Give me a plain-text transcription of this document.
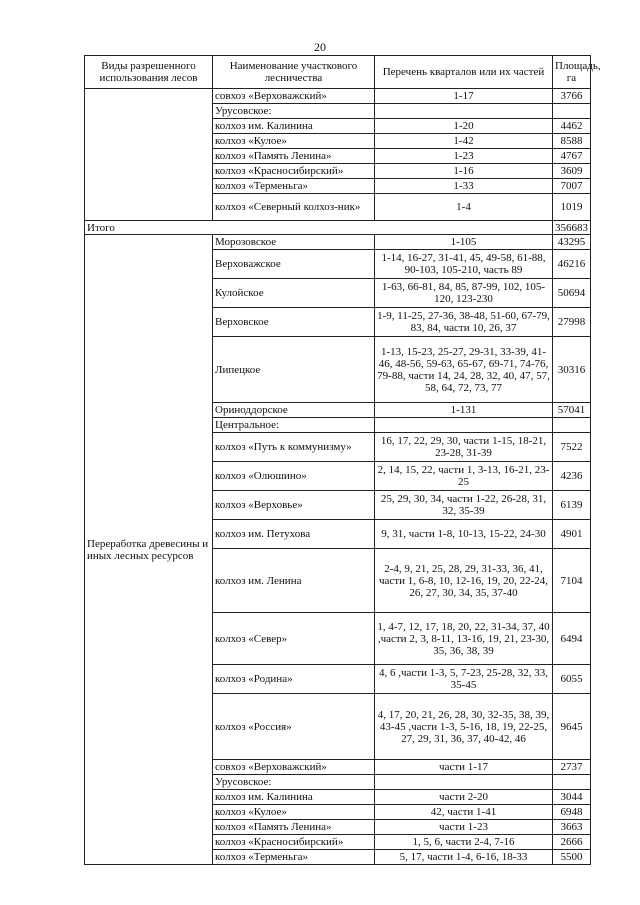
20
Виды разрешенного использования лесов	Наименование участкового лесничества	Перечень кварталов или их частей	Площадь, га
	совхоз «Верховажский»	1-17	3766
	Урусовское:		
	колхоз им. Калинина	1-20	4462
	колхоз «Кулое»	1-42	8588
	колхоз «Память Ленина»	1-23	4767
	колхоз «Красносибирский»	1-16	3609
	колхоз «Терменьга»	1-33	7007
	колхоз «Северный колхоз-ник»	1-4	1019
Итого			356683
Переработка древесины и иных лесных ресурсов	Морозовское	1-105	43295
	Верховажское	1-14, 16-27, 31-41, 45, 49-58, 61-88, 90-103, 105-210, часть 89	46216
	Кулойское	1-63, 66-81, 84, 85, 87-99, 102, 105-120, 123-230	50694
	Верховское	1-9, 11-25, 27-36, 38-48, 51-60, 67-79, 83, 84, части 10, 26, 37	27998
	Липецкое	1-13, 15-23, 25-27, 29-31, 33-39, 41-46, 48-56, 59-63, 65-67, 69-71, 74-76, 79-88, части 14, 24, 28, 32, 40, 47, 57, 58, 64, 72, 73, 77	30316
	Ориноддорское	1-131	57041
	Центральное:		
	колхоз «Путь к коммунизму»	16, 17, 22, 29, 30, части 1-15, 18-21, 23-28, 31-39	7522
	колхоз «Олюшино»	2, 14, 15, 22, части 1, 3-13, 16-21, 23-25	4236
	колхоз «Верховье»	25, 29, 30, 34, части 1-22, 26-28, 31, 32, 35-39	6139
	колхоз им. Петухова	9, 31, части 1-8, 10-13, 15-22, 24-30	4901
	колхоз им. Ленина	2-4, 9, 21, 25, 28, 29, 31-33, 36, 41, части 1, 6-8, 10, 12-16, 19, 20, 22-24, 26, 27, 30, 34, 35, 37-40	7104
	колхоз «Север»	1, 4-7, 12, 17, 18, 20, 22, 31-34, 37, 40 ,части 2, 3, 8-11, 13-16, 19, 21, 23-30, 35, 36, 38, 39	6494
	колхоз «Родина»	4, 6 ,части 1-3, 5, 7-23, 25-28, 32, 33, 35-45	6055
	колхоз «Россия»	4, 17, 20, 21, 26, 28, 30, 32-35, 38, 39, 43-45 ,части 1-3, 5-16, 18, 19, 22-25, 27, 29, 31, 36, 37, 40-42, 46	9645
	совхоз «Верховажский»	части 1-17	2737
	Урусовское:		
	колхоз им. Калинина	части 2-20	3044
	колхоз «Кулое»	42, части 1-41	6948
	колхоз «Память Ленина»	части 1-23	3663
	колхоз «Красносибирский»	1, 5, 6, части 2-4, 7-16	2666
	колхоз «Терменьга»	5, 17, части 1-4, 6-16, 18-33	5500
